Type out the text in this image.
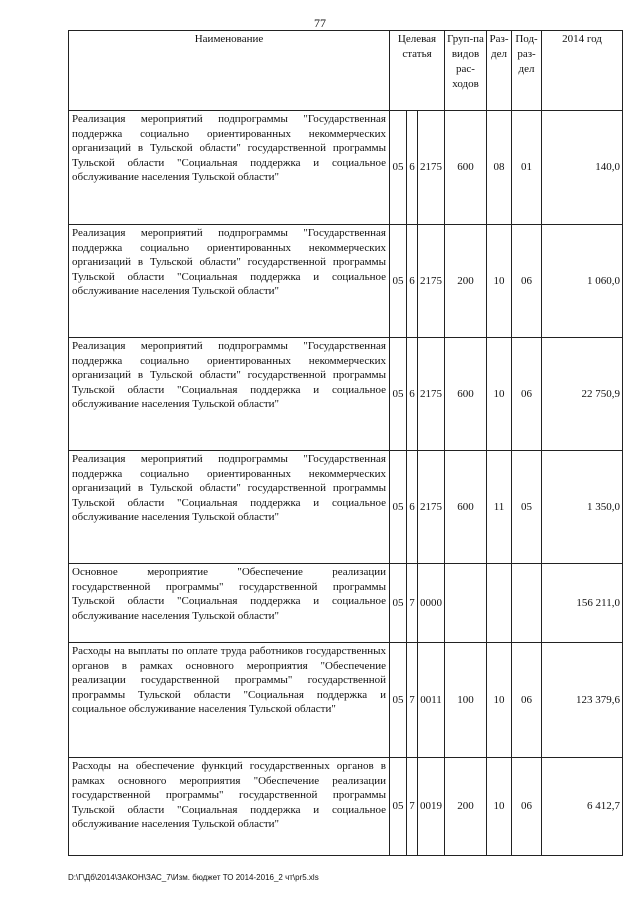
77
Наименование	Целевая статья			Груп-па видов рас-ходов	Раз-дел	Под-раз-дел	2014 год
Реализация мероприятий подпрограммы "Государственная поддержка социально ориентированных некоммерческих организаций в Тульской области" государственной программы Тульской области "Социальная поддержка и социальное обслуживание населения Тульской области"	05	6	2175	600	08	01	140,0
Реализация мероприятий подпрограммы "Государственная поддержка социально ориентированных некоммерческих организаций в Тульской области" государственной программы Тульской области "Социальная поддержка и социальное обслуживание населения Тульской области"	05	6	2175	200	10	06	1 060,0
Реализация мероприятий подпрограммы "Государственная поддержка социально ориентированных некоммерческих организаций в Тульской области" государственной программы Тульской области "Социальная поддержка и социальное обслуживание населения Тульской области"	05	6	2175	600	10	06	22 750,9
Реализация мероприятий подпрограммы "Государственная поддержка социально ориентированных некоммерческих организаций в Тульской области" государственной программы Тульской области "Социальная поддержка и социальное обслуживание населения Тульской области"	05	6	2175	600	11	05	1 350,0
Основное мероприятие "Обеспечение реализации государственной программы" государственной программы Тульской области "Социальная поддержка и социальное обслуживание населения Тульской области"	05	7	0000				156 211,0
Расходы на выплаты по оплате труда работников государственных органов в рамках основного мероприятия "Обеспечение реализации государственной программы" государственной программы Тульской области "Социальная поддержка и социальное обслуживание населения Тульской области"	05	7	0011	100	10	06	123 379,6
Расходы на обеспечение функций государственных органов в рамках основного мероприятия "Обеспечение реализации государственной программы" государственной программы Тульской области "Социальная поддержка и социальное обслуживание населения Тульской области"	05	7	0019	200	10	06	6 412,7
D:\Г\Дб\2014\ЗАКОН\ЗАС_7\Изм. бюджет ТО 2014-2016_2 чт\pr5.xls
